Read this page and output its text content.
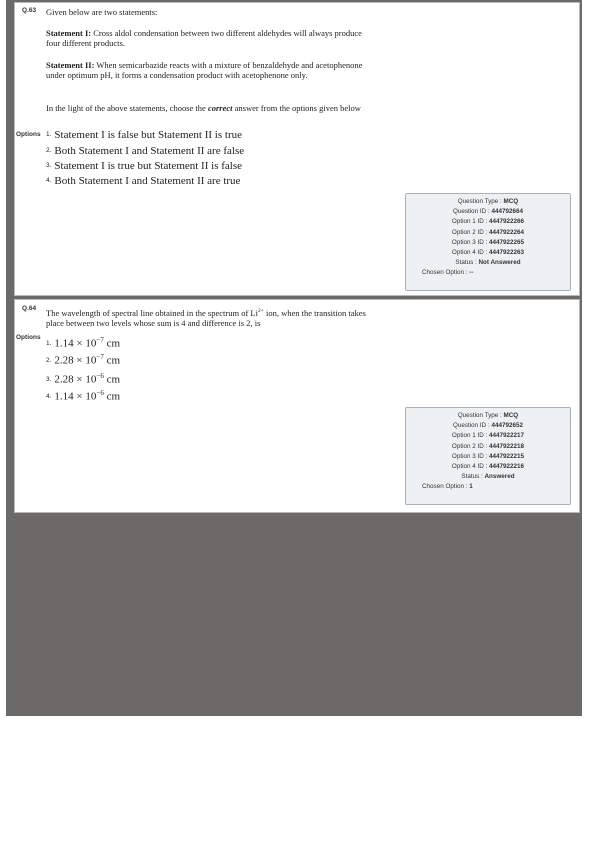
Q.63 Given below are two statements:
Statement I: Cross aldol condensation between two different aldehydes will always produce four different products.
Statement II: When semicarbazide reacts with a mixture of benzaldehyde and acetophenone under optimum pH, it forms a condensation product with acetophenone only.
In the light of the above statements, choose the correct answer from the options given below
Options 1. Statement I is false but Statement II is true
2. Both Statement I and Statement II are false
3. Statement I is true but Statement II is false
4. Both Statement I and Statement II are true
Question Type : MCQ
Question ID : 444792664
Option 1 ID : 4447922266
Option 2 ID : 4447922264
Option 3 ID : 4447922265
Option 4 ID : 4447922263
Status : Not Answered
Chosen Option : --
Q.64 The wavelength of spectral line obtained in the spectrum of $Li^{2+}$ ion, when the transition takes place between two levels whose sum is 4 and difference is 2, is
Options
1. $1.14 \times 10^{-7}$ cm
2. $2.28 \times 10^{-7}$ cm
3. $2.28 \times 10^{-6}$ cm
4. $1.14 \times 10^{-6}$ cm
Question Type : MCQ
Question ID : 444792652
Option 1 ID : 4447922217
Option 2 ID : 4447922218
Option 3 ID : 4447922215
Option 4 ID : 4447922216
Status : Answered
Chosen Option : 1
